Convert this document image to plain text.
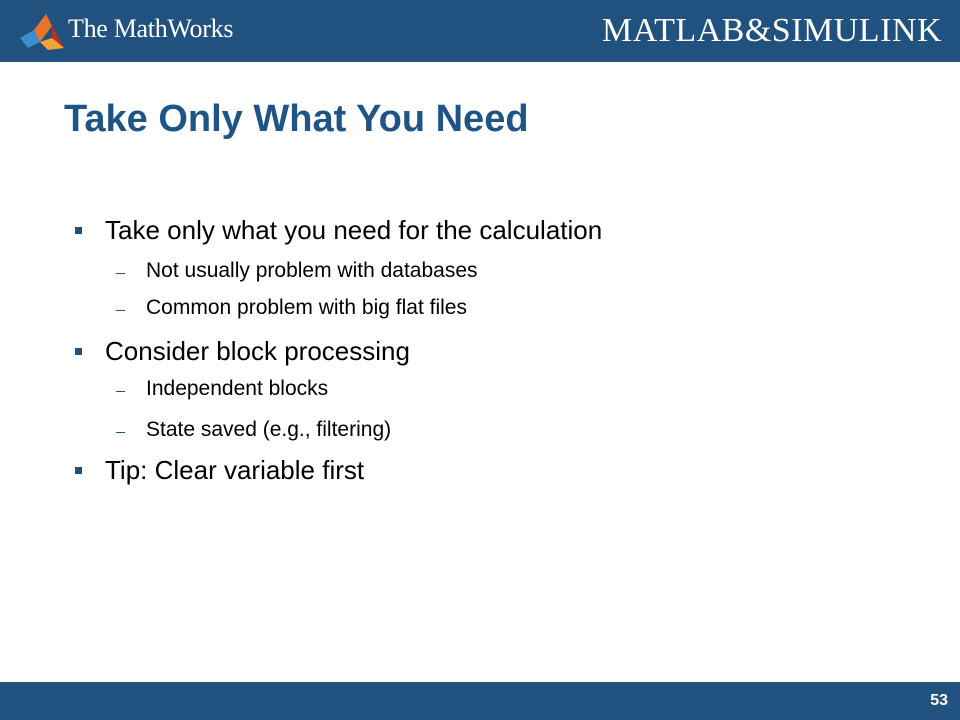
The MathWorks	MATLAB&SIMULINK
Take Only What You Need
Take only what you need for the calculation
Not usually problem with databases
Common problem with big flat files
Consider block processing
Independent blocks
State saved (e.g., filtering)
Tip: Clear variable first
53
